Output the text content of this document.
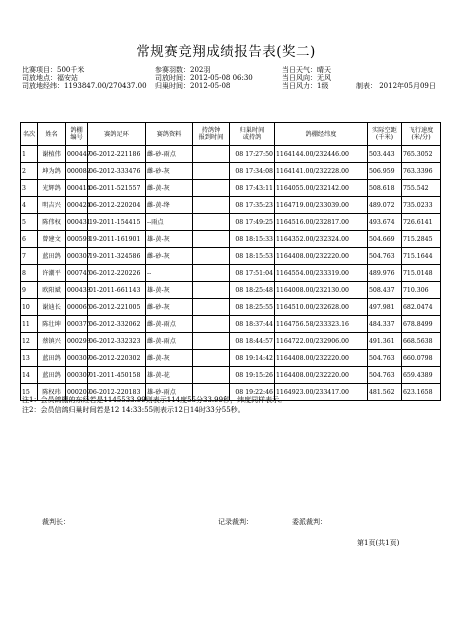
常规赛竞翔成绩报告表(奖二)
比赛项目：500千米	参赛羽数：202羽	当日天气：晴天
司放地点：福安站	司放时间：2012-05-08 06:30	当日风向：无风
司放地经纬：1193847.00/270437.00 归巢时间：2012-05-08	当日风力：1级	制表： 2012年05月09日
名次	姓名	鸽棚
编号	赛鸽足环	赛鸽资料	持鸽钟
报到时间	归巢时间
或持鸽	鸽棚经纬度	实际空距
(千米)	飞行速度
(米/分)
1	谢植伟	000447	06-2012-221186	雌-砂-雨点		08 17:27:50	1164144.00/232446.00	503.443	765.3052
2	坤为鸽	000082	06-2012-333476	雌-砂-灰		08 17:34:08	1164141.00/232228.00	506.959	763.3396
3	光辉鸽	000414	06-2011-521557	雌-黄-灰		08 17:43:11	1164055.00/232142.00	508.618	755.542
4	明吉兴	000424	06-2012-220204	雌-黄-绛		08 17:35:23	1164719.00/233039.00	489.072	735.0233
5	陈伟权	000431	19-2011-154415	--雨点		08 17:49:25	1164516.00/232817.00	493.674	726.6141
6	曾建文	000593	19-2011-161901	雄-黄-灰		08 18:15:33	1164352.00/232324.00	504.669	715.2845
7	蓝田鸽	000307	19-2011-324586	雌-砂-灰		08 18:15:53	1164408.00/232220.00	504.763	715.1644
8	许潮平	000745	06-2012-220226	--		08 17:51:04	1164554.00/233319.00	489.976	715.0148
9	欧阳斌	000438	01-2011-661143	雄-黄-灰		08 18:25:48	1164008.00/232130.00	508.437	710.306
10	谢迪长	000065	06-2012-221005	雌-砂-灰		08 18:25:55	1164510.00/232628.00	497.981	682.0474
11	陈壮坤	000375	06-2012-332062	雌-黄-雨点		08 18:37:44	1164756.58/233323.16	484.337	678.8499
12	蔡镇兴	000293	06-2012-332323	雌-黄-雨点		08 18:44:57	1164722.00/232906.00	491.361	668.5638
13	蓝田鸽	000307	06-2012-220302	雌-黄-灰		08 19:14:42	1164408.00/232220.00	504.763	660.0798
14	蓝田鸽	000307	01-2011-450158	雄-黄-花		08 19:15:26	1164408.00/232220.00	504.763	659.4389
15	陈权玮	000209	06-2012-220183	雄-砂-雨点		08 19:22:46	1164923.00/233417.00	481.562	623.1658
注1：会员鸽棚的东经若是1145533.99则表示114度55分33.99秒，纬度同样表示。
注2：会员信鸽归巢时间若是12 14:33:55则表示12日14时33分55秒。
裁判长：	记录裁判：	委派裁判：
第1页(共1页)
